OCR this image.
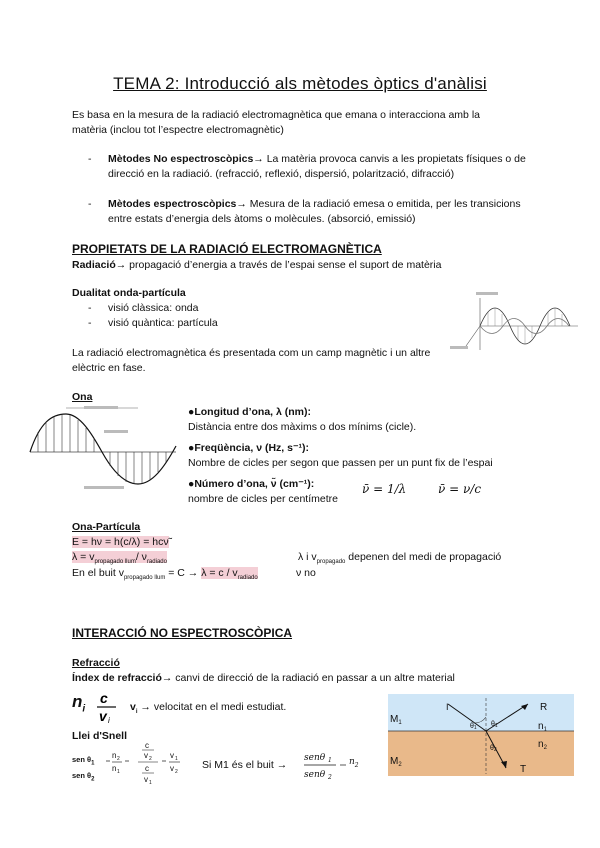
TEMA 2: Introducció als mètodes òptics d'anàlisi
Es basa en la mesura de la radiació electromagnètica que emana o interacciona amb la matèria (inclou tot l’espectre electromagnètic)
- Mètodes No espectroscòpics→ La matèria provoca canvis a les propietats físiques o de direcció en la radiació. (refracció, reflexió, dispersió, polarització, difracció)
- Mètodes espectroscòpics→ Mesura de la radiació emesa o emitida, per les transicions entre estats d’energia dels àtoms o molècules. (absorció, emissió)
PROPIETATS DE LA RADIACIÓ ELECTROMAGNÈTICA
Radiació→ propagació d’energia a través de l’espai sense el suport de matèria
Dualitat onda-partícula
- visió clàssica: onda
- visió quàntica: partícula
La radiació electromagnètica és presentada com un camp magnètic i un altre elèctric en fase.
Ona
●Longitud d’ona, λ (nm):
Distància entre dos màxims o dos mínims (cicle).
●Freqüència, ν (Hz, s⁻¹):
Nombre de cicles per segon que passen per un punt fix de l’espai
●Número d’ona, ν̃ (cm⁻¹):
nombre de cicles per centímetre
ν̄ = 1/λ	ν̄ = ν/c
Ona-Partícula
E = hν = h(c/λ) = hcν̃
$\lambda = v_{propagado llum}/$ $\nu_{radiado}$	λ i $v_{propagado}$ depenen del medi de propagació
En el buit $v_{propagado llum} = C \to \lambda = c / v_{radiado}$	ν no
INTERACCIÓ NO ESPECTROSCÒPICA
Refracció
Índex de refracció→ canvi de direcció de la radiació en passar a un altre material
$n_i$
c
v i
$v_i$ → velocitat en el medi estudiat.
Llei d'Snell
sen $\theta_1$
sen $\theta_2$
n 2
n 1
c
v 2
c
v 1
v 1
v 2
Si M1 és el buit →
senθ 1
senθ 2
$n_2$
$M_1$
$M_2$
$n_1$
$n_2$
I	R
T
θ1 θ1
θ2
